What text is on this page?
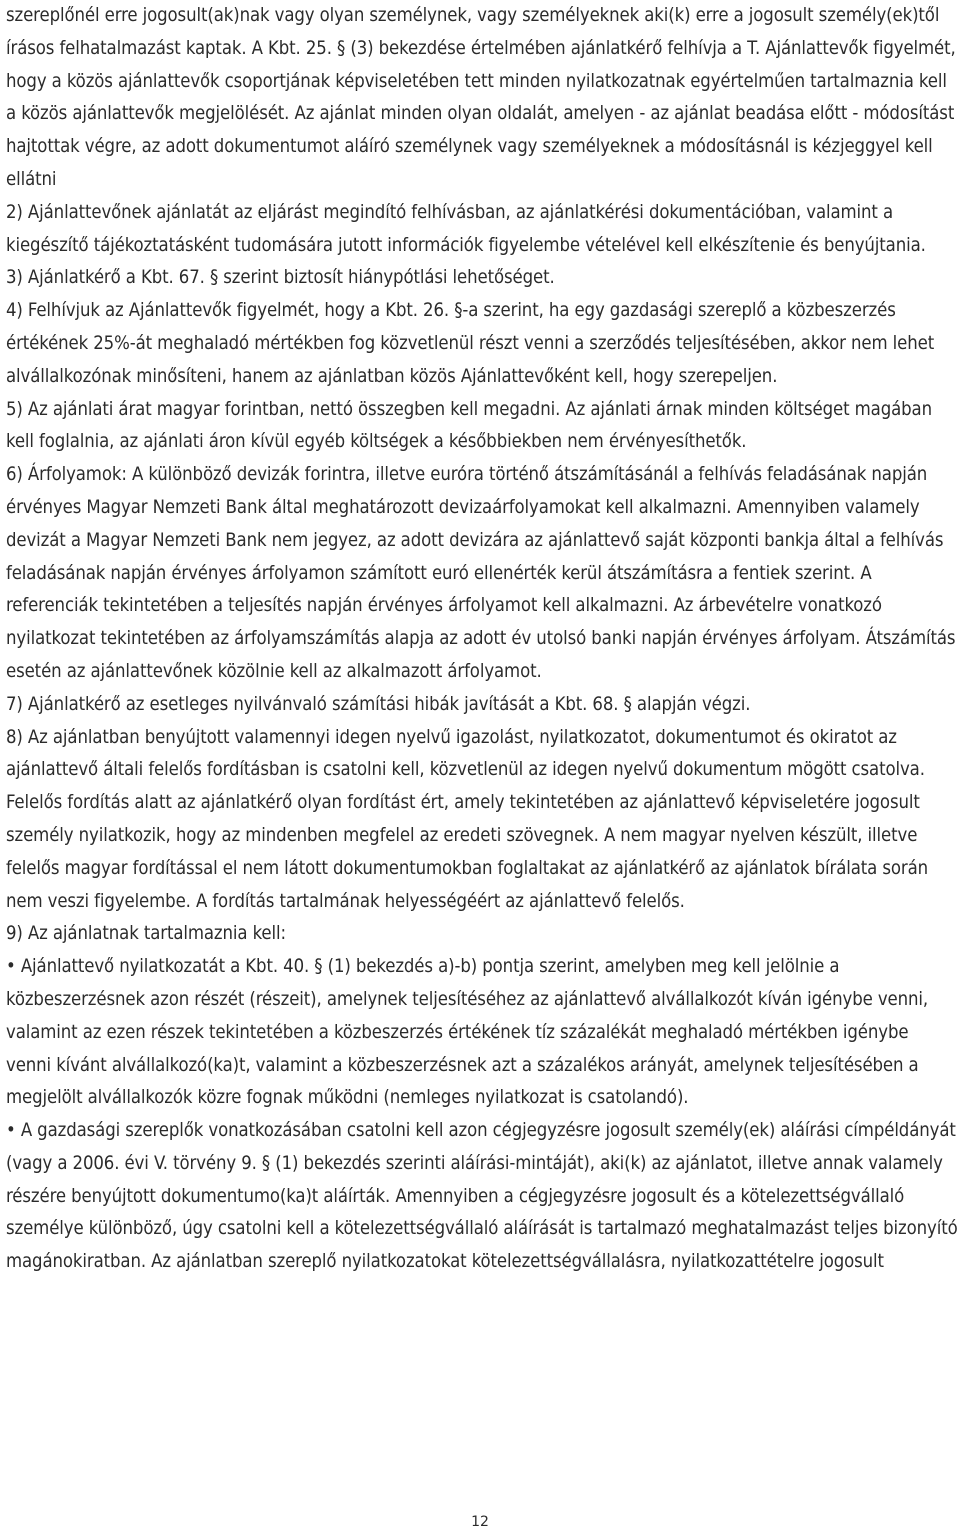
szereplőnél erre jogosult(ak)nak vagy olyan személynek, vagy személyeknek aki(k) erre a jogosult személy(ek)től írásos felhatalmazást kaptak. A Kbt. 25. § (3) bekezdése értelmében ajánlatkérő felhívja a T. Ajánlattevők figyelmét, hogy a közös ajánlattevők csoportjának képviseletében tett minden nyilatkozatnak egyértelműen tartalmaznia kell a közös ajánlattevők megjelölését. Az ajánlat minden olyan oldalát, amelyen - az ajánlat beadása előtt - módosítást hajtottak végre, az adott dokumentumot aláíró személynek vagy személyeknek a módosításnál is kézjeggyel kell ellátni

2) Ajánlattevőnek ajánlatát az eljárást megindító felhívásban, az ajánlatkérési dokumentációban, valamint a kiegészítő tájékoztatásként tudomására jutott információk figyelembe vételével kell elkészítenie és benyújtania.

3) Ajánlatkérő a Kbt. 67. § szerint biztosít hiánypótlási lehetőséget.

4) Felhívjuk az Ajánlattevők figyelmét, hogy a Kbt. 26. §-a szerint, ha egy gazdasági szereplő a közbeszerzés értékének 25%-át meghaladó mértékben fog közvetlenül részt venni a szerződés teljesítésében, akkor nem lehet alvállalkozónak minősíteni, hanem az ajánlatban közös Ajánlattevőként kell, hogy szerepeljen.

5) Az ajánlati árat magyar forintban, nettó összegben kell megadni. Az ajánlati árnak minden költséget magában kell foglalnia, az ajánlati áron kívül egyéb költségek a későbbiekben nem érvényesíthetők.

6) Árfolyamok: A különböző devizák forintra, illetve euróra történő átszámításánál a felhívás feladásának napján érvényes Magyar Nemzeti Bank által meghatározott devizaárfolyamokat kell alkalmazni. Amennyiben valamely devizát a Magyar Nemzeti Bank nem jegyez, az adott devizára az ajánlattevő saját központi bankja által a felhívás feladásának napján érvényes árfolyamon számított euró ellenérték kerül átszámításra a fentiek szerint. A referenciák tekintetében a teljesítés napján érvényes árfolyamot kell alkalmazni. Az árbevételre vonatkozó nyilatkozat tekintetében az árfolyamszámítás alapja az adott év utolsó banki napján érvényes árfolyam. Átszámítás esetén az ajánlattevőnek közölnie kell az alkalmazott árfolyamot.

7) Ajánlatkérő az esetleges nyilvánvaló számítási hibák javítását a Kbt. 68. § alapján végzi.

8) Az ajánlatban benyújtott valamennyi idegen nyelvű igazolást, nyilatkozatot, dokumentumot és okiratot az ajánlattevő általi felelős fordításban is csatolni kell, közvetlenül az idegen nyelvű dokumentum mögött csatolva. Felelős fordítás alatt az ajánlatkérő olyan fordítást ért, amely tekintetében az ajánlattevő képviseletére jogosult személy nyilatkozik, hogy az mindenben megfelel az eredeti szövegnek. A nem magyar nyelven készült, illetve felelős magyar fordítással el nem látott dokumentumokban foglaltakat az ajánlatkérő az ajánlatok bírálata során nem veszi figyelembe. A fordítás tartalmának helyességéért az ajánlattevő felelős.

9) Az ajánlatnak tartalmaznia kell:

• Ajánlattevő nyilatkozatát a Kbt. 40. § (1) bekezdés a)-b) pontja szerint, amelyben meg kell jelölnie a közbeszerzésnek azon részét (részeit), amelynek teljesítéséhez az ajánlattevő alvállalkozót kíván igénybe venni, valamint az ezen részek tekintetében a közbeszerzés értékének tíz százalékát meghaladó mértékben igénybe venni kívánt alvállalkozó(ka)t, valamint a közbeszerzésnek azt a százalékos arányát, amelynek teljesítésében a megjelölt alvállalkozók közre fognak működni (nemleges nyilatkozat is csatolandó).

• A gazdasági szereplők vonatkozásában csatolni kell azon cégjegyzésre jogosult személy(ek) aláírási címpéldányát (vagy a 2006. évi V. törvény 9. § (1) bekezdés szerinti aláírási-mintáját), aki(k) az ajánlatot, illetve annak valamely részére benyújtott dokumentumo(ka)t aláírták. Amennyiben a cégjegyzésre jogosult és a kötelezettségvállaló személye különböző, úgy csatolni kell a kötelezettségvállaló aláírását is tartalmazó meghatalmazást teljes bizonyító magánokiratban. Az ajánlatban szereplő nyilatkozatokat kötelezettségvállalásra, nyilatkozattételre jogosult

12
